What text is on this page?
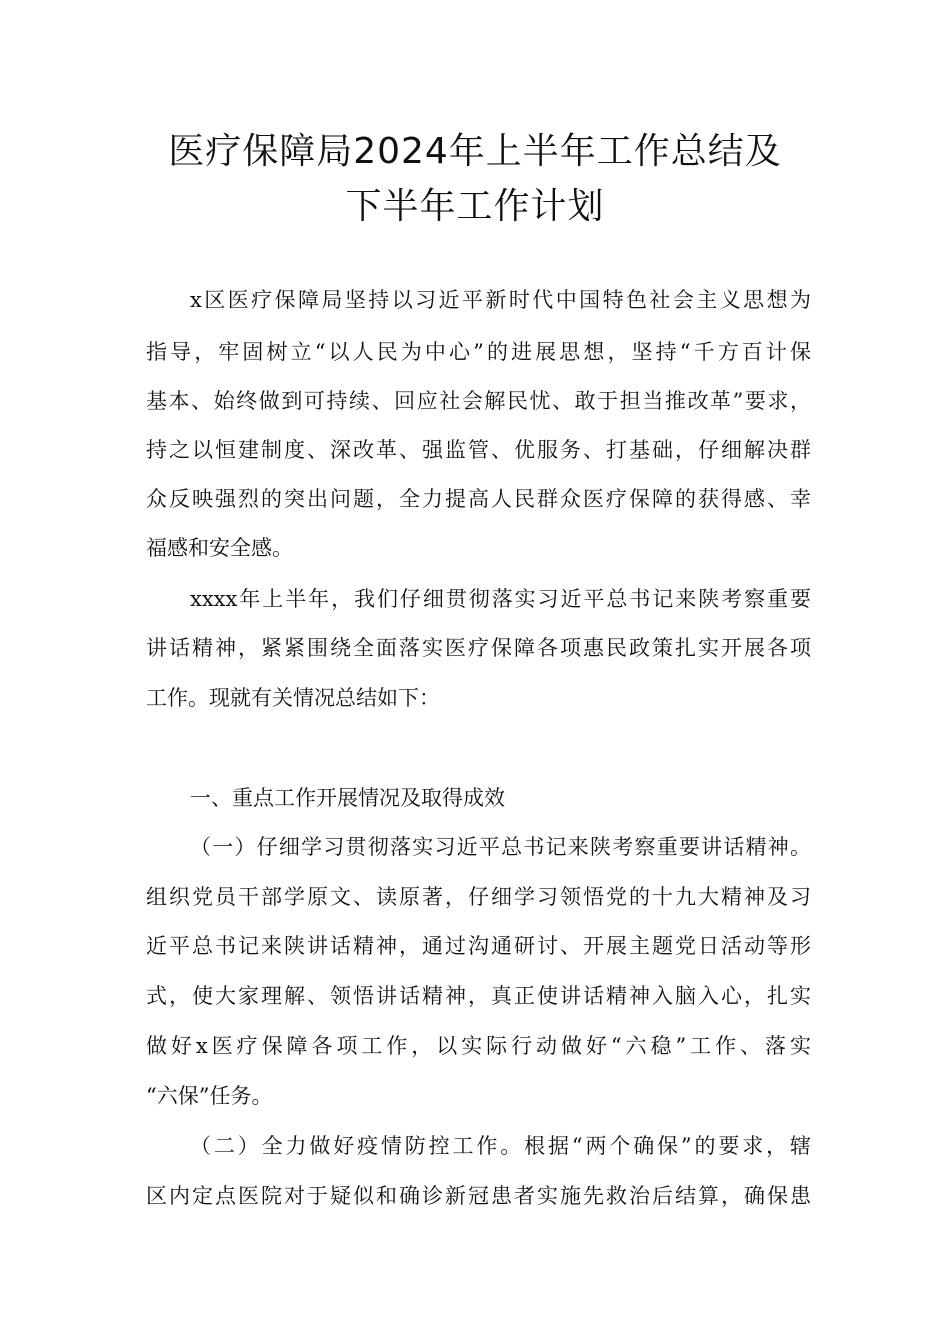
医疗保障局2024年上半年工作总结及
下半年工作计划
x区医疗保障局坚持以习近平新时代中国特色社会主义思想为
指导，牢固树立“以人民为中心”的进展思想，坚持“千方百计保
基本、始终做到可持续、回应社会解民忧、敢于担当推改革”要求，
持之以恒建制度、深改革、强监管、优服务、打基础，仔细解决群
众反映强烈的突出问题，全力提高人民群众医疗保障的获得感、幸
福感和安全感。
xxxx年上半年，我们仔细贯彻落实习近平总书记来陕考察重要
讲话精神，紧紧围绕全面落实医疗保障各项惠民政策扎实开展各项
工作。现就有关情况总结如下：
一、重点工作开展情况及取得成效
（一）仔细学习贯彻落实习近平总书记来陕考察重要讲话精神。
组织党员干部学原文、读原著，仔细学习领悟党的十九大精神及习
近平总书记来陕讲话精神，通过沟通研讨、开展主题党日活动等形
式，使大家理解、领悟讲话精神，真正使讲话精神入脑入心，扎实
做好x医疗保障各项工作，以实际行动做好“六稳”工作、落实
“六保”任务。
（二）全力做好疫情防控工作。根据“两个确保”的要求，辖
区内定点医院对于疑似和确诊新冠患者实施先救治后结算，确保患
